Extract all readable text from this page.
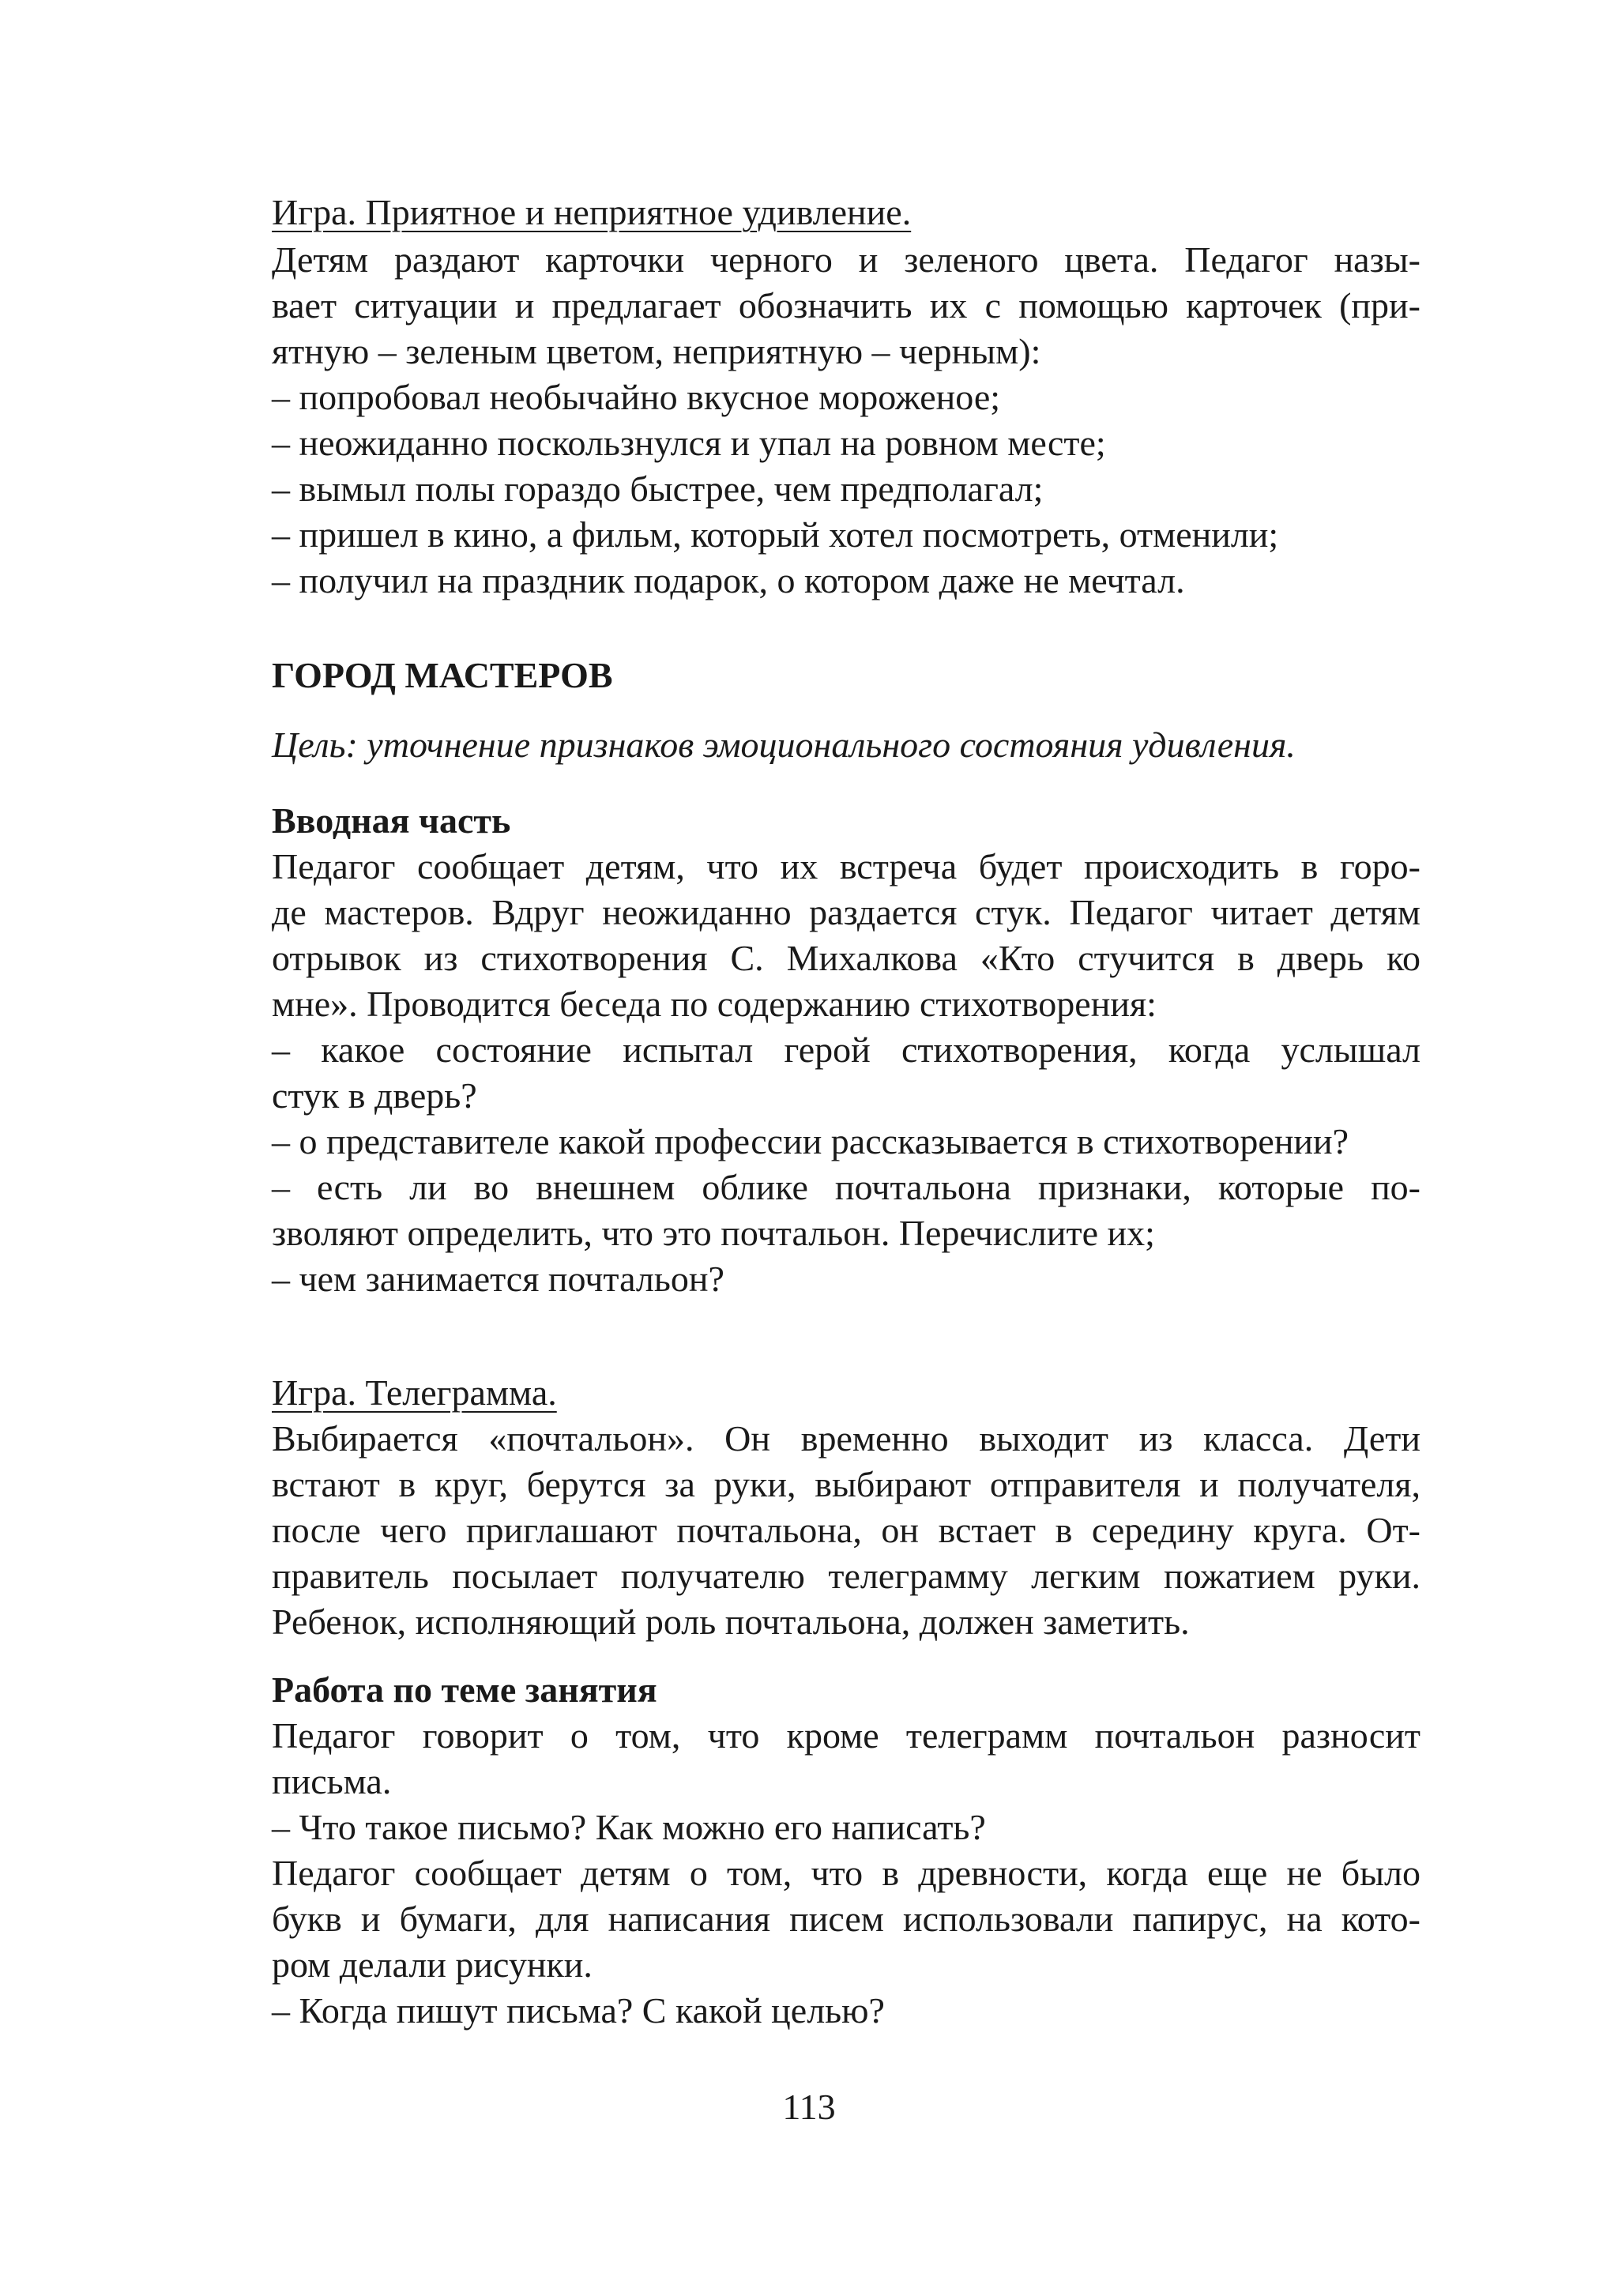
Игра. Приятное и неприятное удивление.

Детям раздают карточки черного и зеленого цвета. Педагог назы-

вает ситуации и предлагает обозначить их с помощью карточек (при-

ятную – зеленым цветом, неприятную – черным):

– попробовал необычайно вкусное мороженое;

– неожиданно поскользнулся и упал на ровном месте;

– вымыл полы гораздо быстрее, чем предполагал;

– пришел в кино, а фильм, который хотел посмотреть, отменили;

– получил на праздник подарок, о котором даже не мечтал.

ГОРОД МАСТЕРОВ

Цель: уточнение признаков эмоционального состояния удивления.

Вводная часть

Педагог сообщает детям, что их встреча будет происходить в горо-

де мастеров. Вдруг неожиданно раздается стук. Педагог читает детям

отрывок из стихотворения С. Михалкова «Кто стучится в дверь ко

мне». Проводится беседа по содержанию стихотворения:

– какое состояние испытал герой стихотворения, когда услышал

стук в дверь?

– о представителе какой профессии рассказывается в стихотворении?

– есть ли во внешнем облике почтальона признаки, которые по-

зволяют определить, что это почтальон. Перечислите их;

– чем занимается почтальон?

Игра. Телеграмма.

Выбирается «почтальон». Он временно выходит из класса. Дети

встают в круг, берутся за руки, выбирают отправителя и получателя,

после чего приглашают почтальона, он встает в середину круга. От-

правитель посылает получателю телеграмму легким пожатием руки.

Ребенок, исполняющий роль почтальона, должен заметить.

Работа по теме занятия

Педагог говорит о том, что кроме телеграмм почтальон разносит

письма.

– Что такое письмо? Как можно его написать?

Педагог сообщает детям о том, что в древности, когда еще не было

букв и бумаги, для написания писем использовали папирус, на кото-

ром делали рисунки.

– Когда пишут письма? С какой целью?

113
